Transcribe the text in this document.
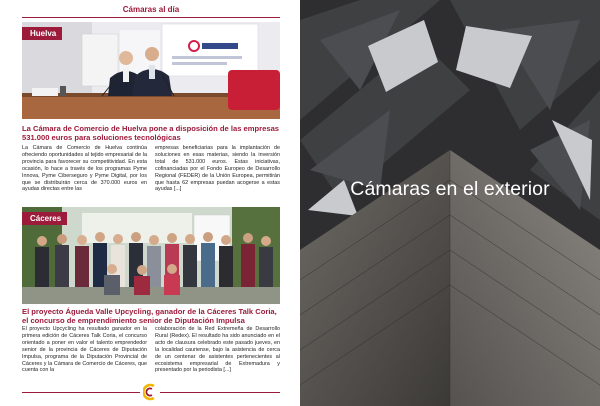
Cámaras al día
Huelva
La Cámara de Comercio de Huelva pone a disposición de las empresas 531.000 euros para soluciones tecnológicas

La Cámara de Comercio de Huelva continúa ofreciendo oportunidades al tejido empresarial de la provincia para favorecer su competitividad. En esta ocasión, lo hace a través de los programas Pyme Innova, Pyme Ciberseguro y Pyme Digital, por los que se distribuirán cerca de 370.000 euros en ayudas directas entre las

empresas beneficiarias para la implantación de soluciones en esas materias, siendo la inversión total de 531.000 euros. Estas iniciativas, cofinanciadas por el Fondo Europeo de Desarrollo Regional (FEDER) de la Unión Europea, permitirán que hasta 62 empresas puedan acogerse a estas ayudas [...]

Cáceres
El proyecto Águeda Valle Upcycling, ganador de la Cáceres Talk Coria, el concurso de emprendimiento senior de Diputación Impulsa

El proyecto Upcycling ha resultado ganador en la primera edición de Cáceres Talk Coria, el concurso orientado a poner en valor el talento emprendedor senior de la provincia de Cáceres de Diputación Impulsa, programa de la Diputación Provincial de Cáceres y la Cámara de Comercio de Cáceres, que cuenta con la

colaboración de la Red Extremeña de Desarrollo Rural (Redex). El resultado ha sido anunciado en el acto de clausura celebrado este pasado jueves, en la localidad cauriense, bajo la asistencia de cerca de un centenar de asistentes pertenecientes al ecosistema empresarial de Extremadura y presentado por la periodista [...]

Cámaras en el exterior
